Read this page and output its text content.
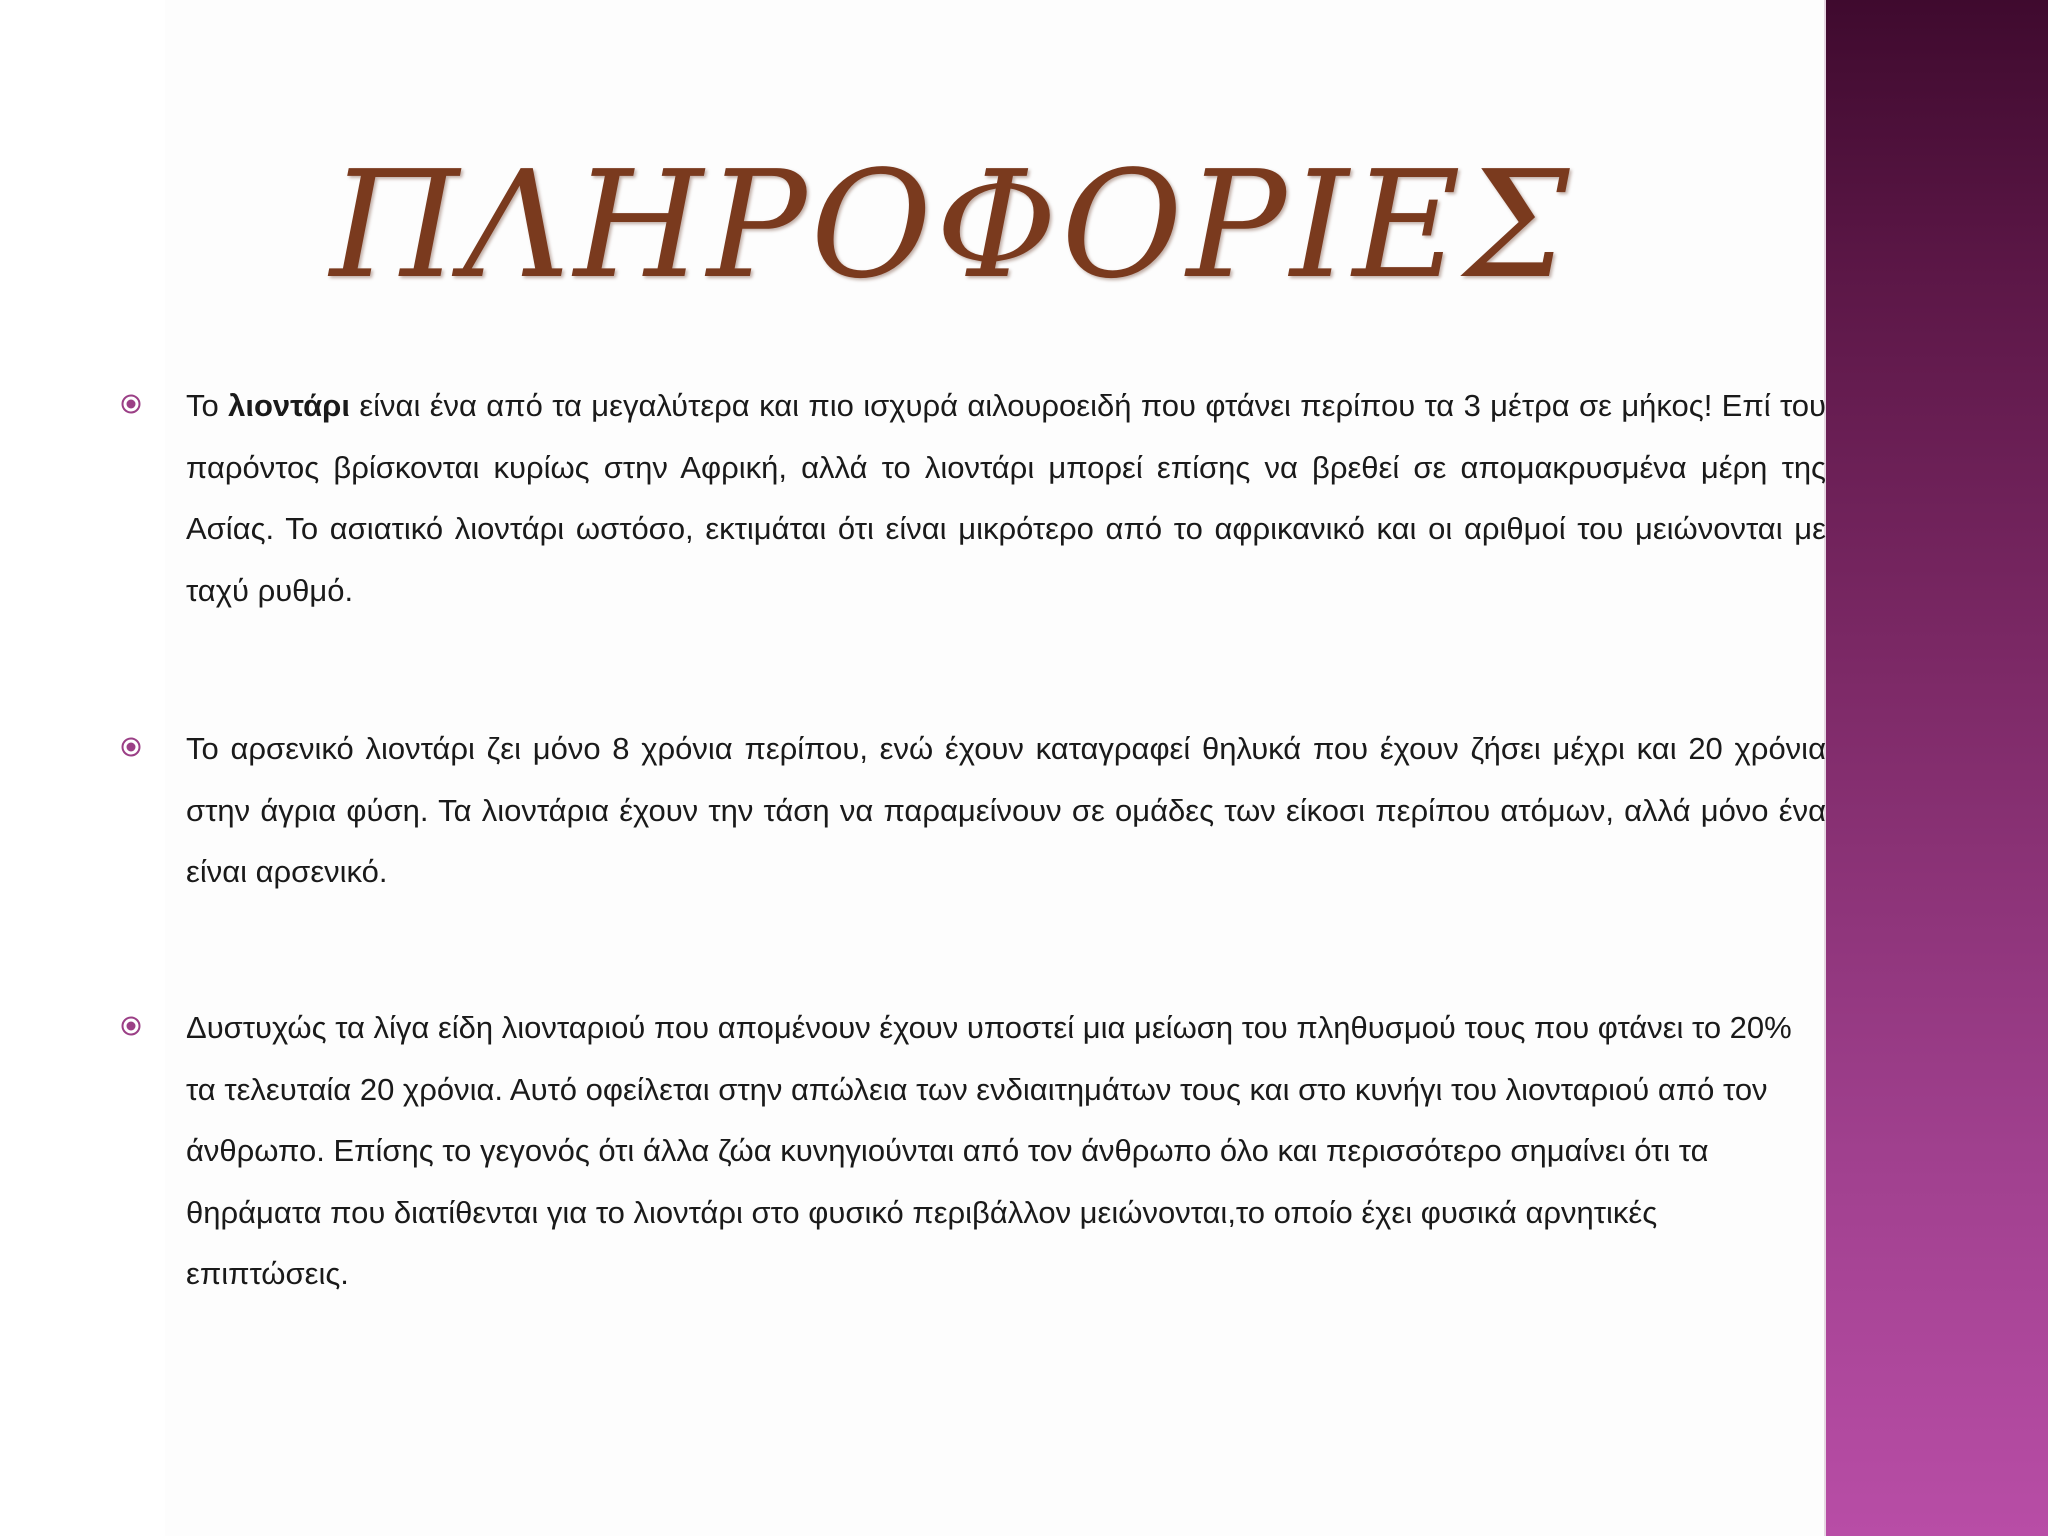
ΠΛΗΡΟΦΟΡΙΕΣ
Το λιοντάρι είναι ένα από τα μεγαλύτερα και πιο ισχυρά αιλουροειδή που φτάνει περίπου τα 3 μέτρα σε μήκος! Επί του παρόντος βρίσκονται κυρίως στην Αφρική, αλλά το λιοντάρι μπορεί επίσης να βρεθεί σε απομακρυσμένα μέρη της Ασίας. Το ασιατικό λιοντάρι ωστόσο, εκτιμάται ότι είναι μικρότερο από το αφρικανικό και οι αριθμοί του μειώνονται με ταχύ ρυθμό.
Το αρσενικό λιοντάρι ζει μόνο 8 χρόνια περίπου, ενώ έχουν καταγραφεί θηλυκά που έχουν ζήσει μέχρι και 20 χρόνια στην άγρια φύση. Τα λιοντάρια έχουν την τάση να παραμείνουν σε ομάδες των είκοσι περίπου ατόμων, αλλά μόνο ένα είναι αρσενικό.
Δυστυχώς τα λίγα είδη λιονταριού που απομένουν έχουν υποστεί μια μείωση του πληθυσμού τους που φτάνει το 20% τα τελευταία 20 χρόνια. Αυτό οφείλεται στην απώλεια των ενδιαιτημάτων τους και στο κυνήγι του λιονταριού από τον άνθρωπο. Επίσης το γεγονός ότι άλλα ζώα κυνηγιούνται από τον άνθρωπο όλο και περισσότερο σημαίνει ότι τα θηράματα που διατίθενται για το λιοντάρι στο φυσικό περιβάλλον μειώνονται,το οποίο έχει φυσικά αρνητικές επιπτώσεις.
